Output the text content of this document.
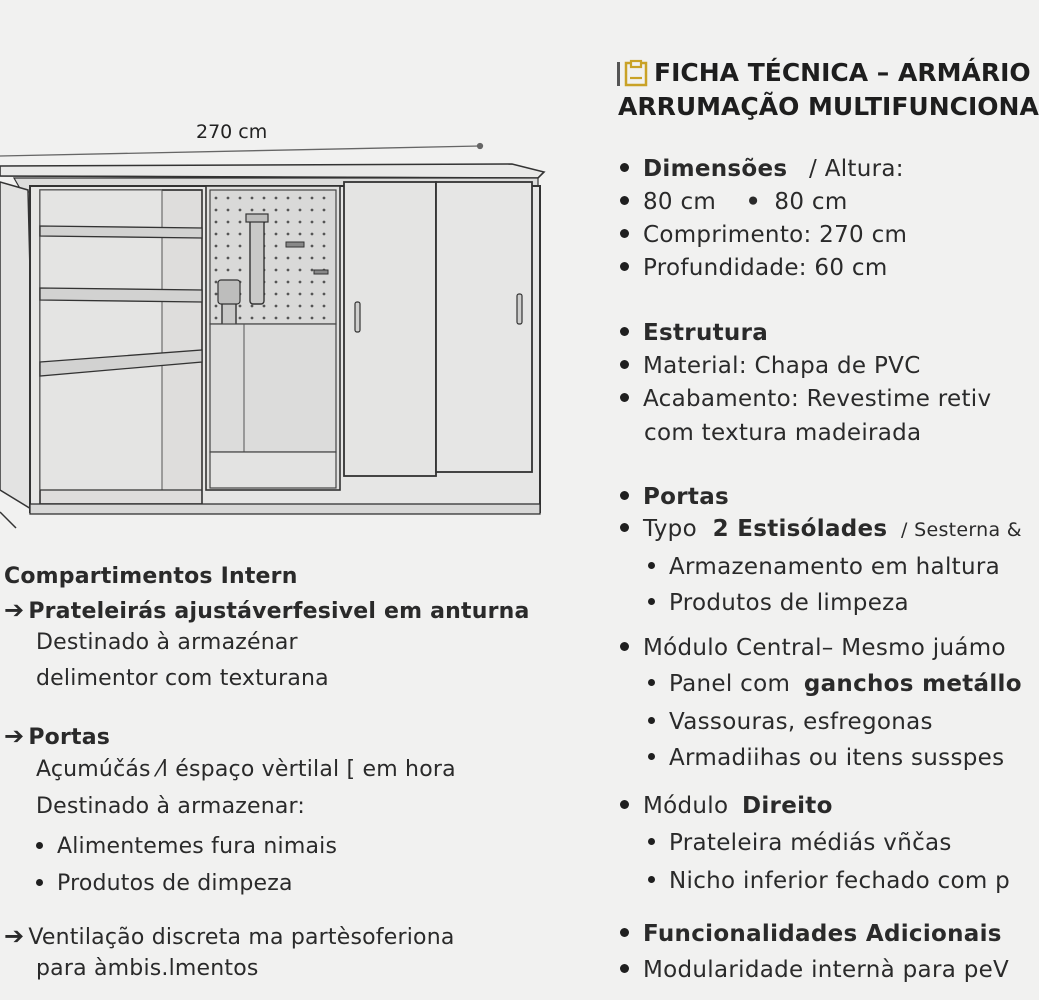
270 cm
FICHA TÉCNICA – ARMÁRIO
ARRUMAÇÃO MULTIFUNCIONA
Dimensões / Altura:
80 cm • 80 cm
Comprimento: 270 cm
Profundidade: 60 cm
Estrutura
Material: Chapa de PVC
Acabamento: Revestime retiv
com textura madeirada
Portas
Typo 2 Estisólades / Sesterna &
Armazenamento em haltura
Produtos de limpeza
Módulo Central– Mesmo juámo
Panel com ganchos metállo
Vassouras, esfregonas
Armadiihas ou itens susspes
Módulo Direito
Prateleira médiás vñčas
Nicho inferior fechado com p
Funcionalidades Adicionais
Modularidade internà para peV
Compartimentos Intern
➔ Prateleirás ajustáverfesivel em anturna
Destinado à armazénar
delimentor com texturana
➔ Portas
Açumúčás ⁄l éspaço vèrtilal [ em hora
Destinado à armazenar:
Alimentemes fura nimais
Produtos de dimpeza
➔ Ventilação discreta ma partèsoferiona
para àmbis.lmentos
